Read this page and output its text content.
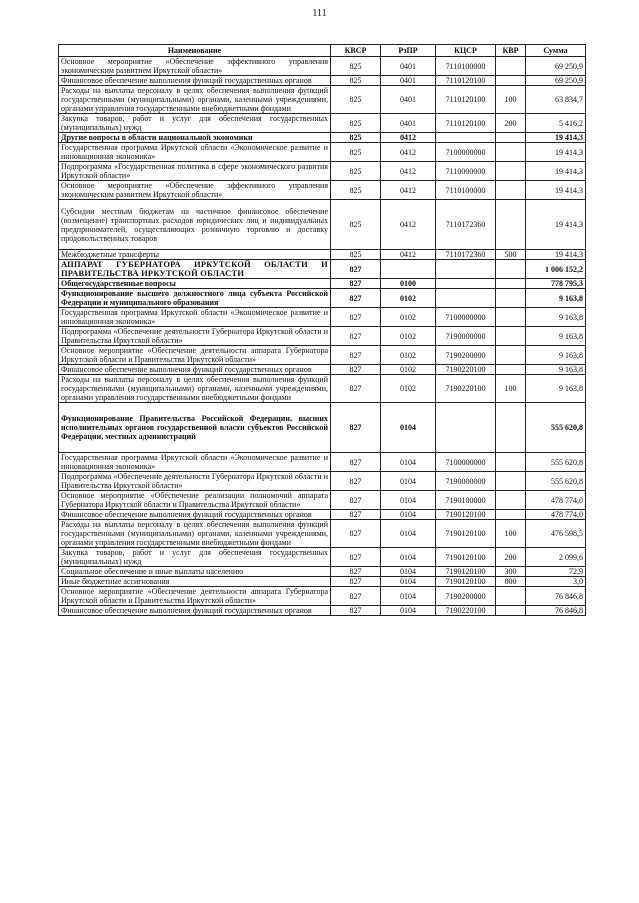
111
Наименование	КВСР	РзПР	КЦСР	КВР	Сумма
Основное мероприятие «Обеспечение эффективного управления экономическим развитием Иркутской области»	825	0401	7110100000		69 250,9
Финансовое обеспечение выполнения функций государственных органов	825	0401	7110120100		69 250,9
Расходы на выплаты персоналу в целях обеспечения выполнения функций государственными (муниципальными) органами, казенными учреждениями, органами управления государственными внебюджетными фондами	825	0401	7110120100	100	63 834,7
Закупка товаров, работ и услуг для обеспечения государственных (муниципальных) нужд	825	0401	7110120100	200	5 416,2
Другие вопросы в области национальной экономики	825	0412			19 414,3
Государственная программа Иркутской области «Экономическое развитие и инновационная экономика»	825	0412	7100000000		19 414,3
Подпрограмма «Государственная политика в сфере экономического развития Иркутской области»	825	0412	7110000000		19 414,3
Основное мероприятие «Обеспечение эффективного управления экономическим развитием Иркутской области»	825	0412	7110100000		19 414,3
Субсидии местным бюджетам на частичное финансовое обеспечение (возмещение) транспортных расходов юридических лиц и индивидуальных предпринимателей, осуществляющих розничную торговлю и доставку продовольственных товаров	825	0412	7110172360		19 414,3
Межбюджетные трансферты	825	0412	7110172360	500	19 414,3
АППАРАТ ГУБЕРНАТОРА ИРКУТСКОЙ ОБЛАСТИ И ПРАВИТЕЛЬСТВА ИРКУТСКОЙ ОБЛАСТИ	827				1 006 152,2
Общегосударственные вопросы	827	0100			778 795,3
Функционирование высшего должностного лица субъекта Российской Федерации и муниципального образования	827	0102			9 163,8
Государственная программа Иркутской области «Экономическое развитие и инновационная экономика»	827	0102	7100000000		9 163,8
Подпрограмма «Обеспечение деятельности Губернатора Иркутской области и Правительства Иркутской области»	827	0102	7190000000		9 163,8
Основное мероприятие «Обеспечение деятельности аппарата Губернатора Иркутской области и Правительства Иркутской области»	827	0102	7190200000		9 163,8
Финансовое обеспечение выполнения функций государственных органов	827	0102	7190220100		9 163,8
Расходы на выплаты персоналу в целях обеспечения выполнения функций государственными (муниципальными) органами, казенными учреждениями, органами управления государственными внебюджетными фондами	827	0102	7190220100	100	9 163,8
Функционирование Правительства Российской Федерации, высших исполнительных органов государственной власти субъектов Российской Федерации, местных администраций	827	0104			555 620,8
Государственная программа Иркутской области «Экономическое развитие и инновационная экономика»	827	0104	7100000000		555 620,8
Подпрограмма «Обеспечение деятельности Губернатора Иркутской области и Правительства Иркутской области»	827	0104	7190000000		555 620,8
Основное мероприятие «Обеспечение реализации полномочий аппарата Губернатора Иркутской области и Правительства Иркутской области»	827	0104	7190100000		478 774,0
Финансовое обеспечение выполнения функций государственных органов	827	0104	7190120100		478 774,0
Расходы на выплаты персоналу в целях обеспечения выполнения функций государственными (муниципальными) органами, казенными учреждениями, органами управления государственными внебюджетными фондами	827	0104	7190120100	100	476 598,5
Закупка товаров, работ и услуг для обеспечения государственных (муниципальных) нужд	827	0104	7190120100	200	2 099,6
Социальное обеспечение и иные выплаты населению	827	0104	7190120100	300	72,9
Иные бюджетные ассигнования	827	0104	7190120100	800	3,0
Основное мероприятие «Обеспечение деятельности аппарата Губернатора Иркутской области и Правительства Иркутской области»	827	0104	7190200000		76 846,8
Финансовое обеспечение выполнения функций государственных органов	827	0104	7190220100		76 846,8
